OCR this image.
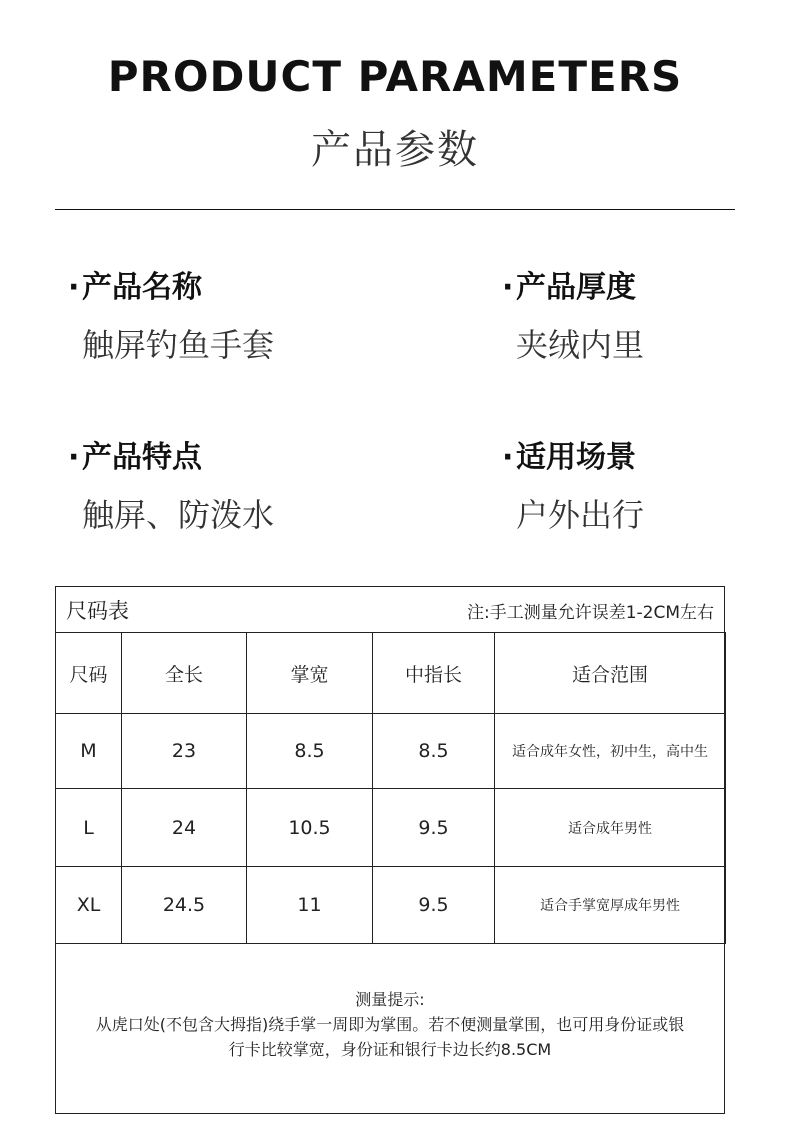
PRODUCT PARAMETERS
产品参数
·产品名称
触屏钓鱼手套
·产品厚度
夹绒内里
·产品特点
触屏、防泼水
·适用场景
户外出行
尺码表	注:手工测量允许误差1-2CM左右
尺码	全长	掌宽	中指长	适合范围
M	23	8.5	8.5	适合成年女性，初中生，高中生
L	24	10.5	9.5	适合成年男性
XL	24.5	11	9.5	适合手掌宽厚成年男性
测量提示:
从虎口处(不包含大拇指)绕手掌一周即为掌围。若不便测量掌围，也可用身份证或银
行卡比较掌宽，身份证和银行卡边长约8.5CM
